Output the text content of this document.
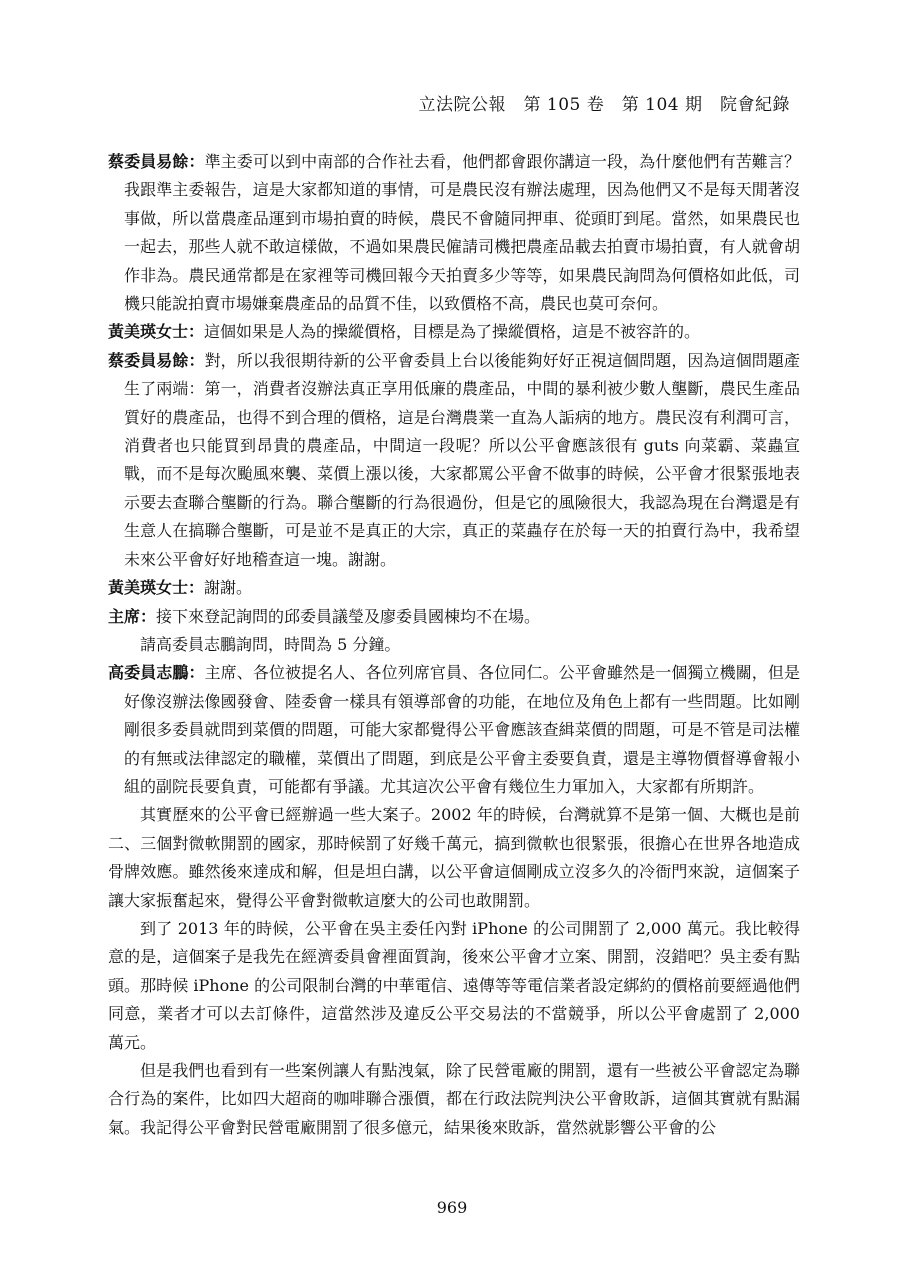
立法院公報　第 105 卷　第 104 期　院會紀錄

蔡委員易餘：準主委可以到中南部的合作社去看，他們都會跟你講這一段，為什麼他們有苦難言？我跟準主委報告，這是大家都知道的事情，可是農民沒有辦法處理，因為他們又不是每天閒著沒事做，所以當農產品運到市場拍賣的時候，農民不會隨同押車、從頭盯到尾。當然，如果農民也一起去，那些人就不敢這樣做，不過如果農民僱請司機把農產品載去拍賣市場拍賣，有人就會胡作非為。農民通常都是在家裡等司機回報今天拍賣多少等等，如果農民詢問為何價格如此低，司機只能說拍賣市場嫌棄農產品的品質不佳，以致價格不高，農民也莫可奈何。

黃美瑛女士：這個如果是人為的操縱價格，目標是為了操縱價格，這是不被容許的。

蔡委員易餘：對，所以我很期待新的公平會委員上台以後能夠好好正視這個問題，因為這個問題產生了兩端：第一，消費者沒辦法真正享用低廉的農產品，中間的暴利被少數人壟斷，農民生產品質好的農產品，也得不到合理的價格，這是台灣農業一直為人詬病的地方。農民沒有利潤可言，消費者也只能買到昂貴的農產品，中間這一段呢？所以公平會應該很有 guts 向菜霸、菜蟲宣戰，而不是每次颱風來襲、菜價上漲以後，大家都罵公平會不做事的時候，公平會才很緊張地表示要去查聯合壟斷的行為。聯合壟斷的行為很過份，但是它的風險很大，我認為現在台灣還是有生意人在搞聯合壟斷，可是並不是真正的大宗，真正的菜蟲存在於每一天的拍賣行為中，我希望未來公平會好好地稽查這一塊。謝謝。

黃美瑛女士：謝謝。

主席：接下來登記詢問的邱委員議瑩及廖委員國棟均不在場。

請高委員志鵬詢問，時間為 5 分鐘。

高委員志鵬：主席、各位被提名人、各位列席官員、各位同仁。公平會雖然是一個獨立機關，但是好像沒辦法像國發會、陸委會一樣具有領導部會的功能，在地位及角色上都有一些問題。比如剛剛很多委員就問到菜價的問題，可能大家都覺得公平會應該查緝菜價的問題，可是不管是司法權的有無或法律認定的職權，菜價出了問題，到底是公平會主委要負責，還是主導物價督導會報小組的副院長要負責，可能都有爭議。尤其這次公平會有幾位生力軍加入，大家都有所期許。

其實歷來的公平會已經辦過一些大案子。2002 年的時候，台灣就算不是第一個、大概也是前二、三個對微軟開罰的國家，那時候罰了好幾千萬元，搞到微軟也很緊張，很擔心在世界各地造成骨牌效應。雖然後來達成和解，但是坦白講，以公平會這個剛成立沒多久的冷衙門來說，這個案子讓大家振奮起來，覺得公平會對微軟這麼大的公司也敢開罰。

到了 2013 年的時候，公平會在吳主委任內對 iPhone 的公司開罰了 2,000 萬元。我比較得意的是，這個案子是我先在經濟委員會裡面質詢，後來公平會才立案、開罰，沒錯吧？吳主委有點頭。那時候 iPhone 的公司限制台灣的中華電信、遠傳等等電信業者設定綁約的價格前要經過他們同意，業者才可以去訂條件，這當然涉及違反公平交易法的不當競爭，所以公平會處罰了 2,000 萬元。

但是我們也看到有一些案例讓人有點洩氣，除了民營電廠的開罰，還有一些被公平會認定為聯合行為的案件，比如四大超商的咖啡聯合漲價，都在行政法院判決公平會敗訴，這個其實就有點漏氣。我記得公平會對民營電廠開罰了很多億元，結果後來敗訴，當然就影響公平會的公

969
